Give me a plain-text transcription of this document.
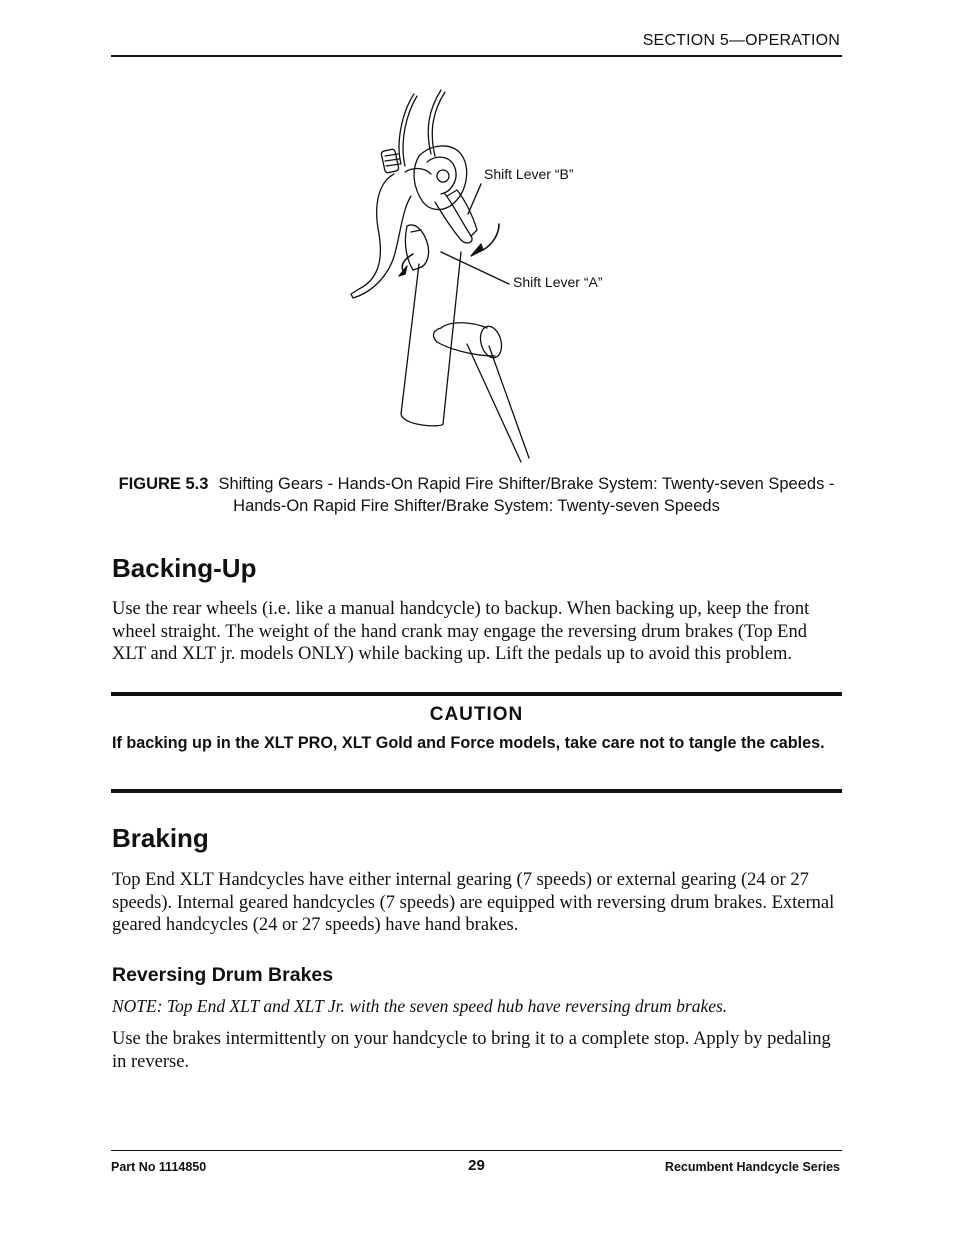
SECTION 5—OPERATION
Shift Lever “B”
Shift Lever “A”
FIGURE 5.3 Shifting Gears - Hands-On Rapid Fire Shifter/Brake System: Twenty-seven Speeds - Hands-On Rapid Fire Shifter/Brake System: Twenty-seven Speeds
Backing-Up

Use the rear wheels (i.e. like a manual handcycle) to backup. When backing up, keep the front wheel straight. The weight of the hand crank may engage the reversing drum brakes (Top End XLT and XLT jr. models ONLY) while backing up. Lift the pedals up to avoid this problem.

CAUTION
If backing up in the XLT PRO, XLT Gold and Force models, take care not to tangle the cables.
Braking

Top End XLT Handcycles have either internal gearing (7 speeds) or external gearing (24 or 27 speeds). Internal geared handcycles (7 speeds) are equipped with reversing drum brakes. External geared handcycles (24 or 27 speeds) have hand brakes.

Reversing Drum Brakes

NOTE: Top End XLT and XLT Jr. with the seven speed hub have reversing drum brakes.

Use the brakes intermittently on your handcycle to bring it to a complete stop. Apply by pedaling in reverse.

Part No 1114850	29	Recumbent Handcycle Series
